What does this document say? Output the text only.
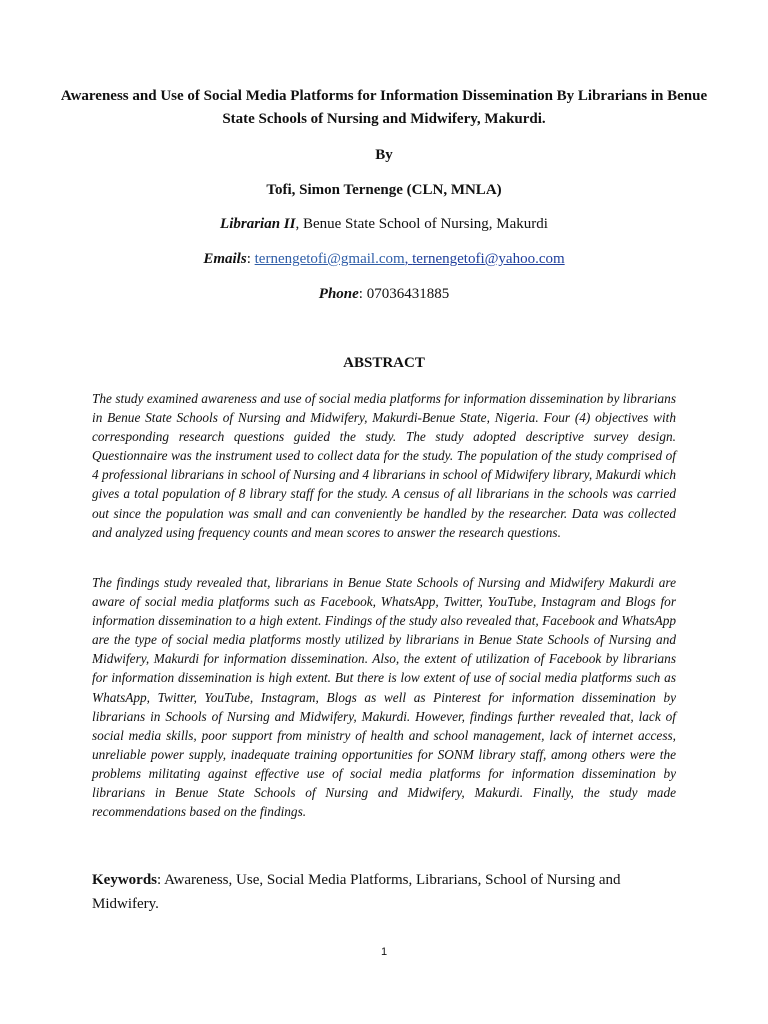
Awareness and Use of Social Media Platforms for Information Dissemination By Librarians in Benue State Schools of Nursing and Midwifery, Makurdi.
By
Tofi, Simon Ternenge (CLN, MNLA)
Librarian II, Benue State School of Nursing, Makurdi
Emails: ternengetofi@gmail.com, ternengetofi@yahoo.com
Phone: 07036431885
ABSTRACT

The study examined awareness and use of social media platforms for information dissemination by librarians in Benue State Schools of Nursing and Midwifery, Makurdi-Benue State, Nigeria. Four (4) objectives with corresponding research questions guided the study. The study adopted descriptive survey design. Questionnaire was the instrument used to collect data for the study. The population of the study comprised of 4 professional librarians in school of Nursing and 4 librarians in school of Midwifery library, Makurdi which gives a total population of 8 library staff for the study. A census of all librarians in the schools was carried out since the population was small and can conveniently be handled by the researcher. Data was collected and analyzed using frequency counts and mean scores to answer the research questions.

The findings study revealed that, librarians in Benue State Schools of Nursing and Midwifery Makurdi are aware of social media platforms such as Facebook, WhatsApp, Twitter, YouTube, Instagram and Blogs for information dissemination to a high extent. Findings of the study also revealed that, Facebook and WhatsApp are the type of social media platforms mostly utilized by librarians in Benue State Schools of Nursing and Midwifery, Makurdi for information dissemination. Also, the extent of utilization of Facebook by librarians for information dissemination is high extent. But there is low extent of use of social media platforms such as WhatsApp, Twitter, YouTube, Instagram, Blogs as well as Pinterest for information dissemination by librarians in Schools of Nursing and Midwifery, Makurdi. However, findings further revealed that, lack of social media skills, poor support from ministry of health and school management, lack of internet access, unreliable power supply, inadequate training opportunities for SONM library staff, among others were the problems militating against effective use of social media platforms for information dissemination by librarians in Benue State Schools of Nursing and Midwifery, Makurdi. Finally, the study made recommendations based on the findings.

Keywords: Awareness, Use, Social Media Platforms, Librarians, School of Nursing and Midwifery.

1
